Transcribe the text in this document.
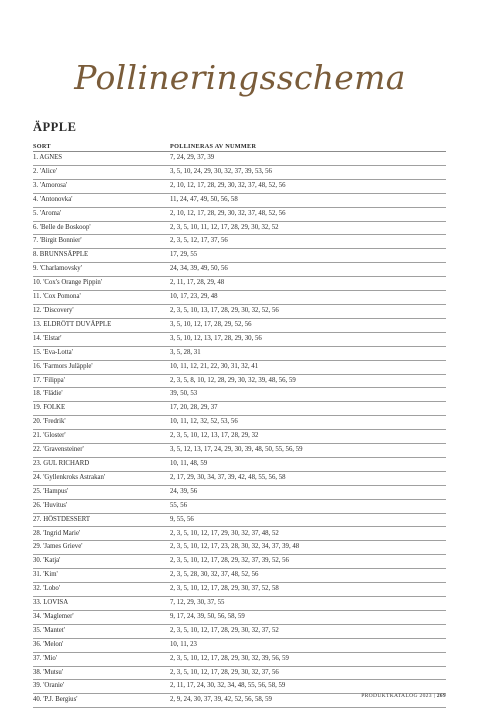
Pollineringsschema
ÄPPLE
SORT	POLLINERAS AV NUMMER
1. AGNES	7, 24, 29, 37, 39
2. 'Alice'	3, 5, 10, 24, 29, 30, 32, 37, 39, 53, 56
3. 'Amorosa'	2, 10, 12, 17, 28, 29, 30, 32, 37, 48, 52, 56
4. 'Antonovka'	11, 24, 47, 49, 50, 56, 58
5. 'Aroma'	2, 10, 12, 17, 28, 29, 30, 32, 37, 48, 52, 56
6. 'Belle de Boskoop'	2, 3, 5, 10, 11, 12, 17, 28, 29, 30, 32, 52
7. 'Birgit Bonnier'	2, 3, 5, 12, 17, 37, 56
8. BRUNNSÄPPLE	17, 29, 55
9. 'Charlamovsky'	24, 34, 39, 49, 50, 56
10. 'Cox's Orange Pippin'	2, 11, 17, 28, 29, 48
11. 'Cox Pomona'	10, 17, 23, 29, 48
12. 'Discovery'	2, 3, 5, 10, 13, 17, 28, 29, 30, 32, 52, 56
13. ELDRÖTT DUVÄPPLE	3, 5, 10, 12, 17, 28, 29, 52, 56
14. 'Elstar'	3, 5, 10, 12, 13, 17, 28, 29, 30, 56
15. 'Eva-Lotta'	3, 5, 28, 31
16. 'Farmors Juläpple'	10, 11, 12, 21, 22, 30, 31, 32, 41
17. 'Filippa'	2, 3, 5, 8, 10, 12, 28, 29, 30, 32, 39, 48, 56, 59
18. 'Flädie'	39, 50, 53
19. FOLKE	17, 20, 28, 29, 37
20. 'Fredrik'	10, 11, 12, 32, 52, 53, 56
21. 'Gloster'	2, 3, 5, 10, 12, 13, 17, 28, 29, 32
22. 'Gravensteiner'	3, 5, 12, 13, 17, 24, 29, 30, 39, 48, 50, 55, 56, 59
23. GUL RICHARD	10, 11, 48, 59
24. 'Gyllenkroks Astrakan'	2, 17, 29, 30, 34, 37, 39, 42, 48, 55, 56, 58
25. 'Hampus'	24, 39, 56
26. 'Huvitus'	55, 56
27. HÖSTDESSERT	9, 55, 56
28. 'Ingrid Marie'	2, 3, 5, 10, 12, 17, 29, 30, 32, 37, 48, 52
29. 'James Grieve'	2, 3, 5, 10, 12, 17, 23, 28, 30, 32, 34, 37, 39, 48
30. 'Katja'	2, 3, 5, 10, 12, 17, 28, 29, 32, 37, 39, 52, 56
31. 'Kim'	2, 3, 5, 28, 30, 32, 37, 48, 52, 56
32. 'Lobo'	2, 3, 5, 10, 12, 17, 28, 29, 30, 37, 52, 58
33. LOVISA	7, 12, 29, 30, 37, 55
34. 'Maglemer'	9, 17, 24, 39, 50, 56, 58, 59
35. 'Mantet'	2, 3, 5, 10, 12, 17, 28, 29, 30, 32, 37, 52
36. 'Melon'	10, 11, 23
37. 'Mio'	2, 3, 5, 10, 12, 17, 28, 29, 30, 32, 39, 56, 59
38. 'Mutsu'	2, 3, 5, 10, 12, 17, 28, 29, 30, 32, 37, 56
39. 'Oranie'	2, 11, 17, 24, 30, 32, 34, 48, 55, 56, 58, 59
40. 'P.J. Bergius'	2, 9, 24, 30, 37, 39, 42, 52, 56, 58, 59
PRODUKTKATALOG 2023 | 269
